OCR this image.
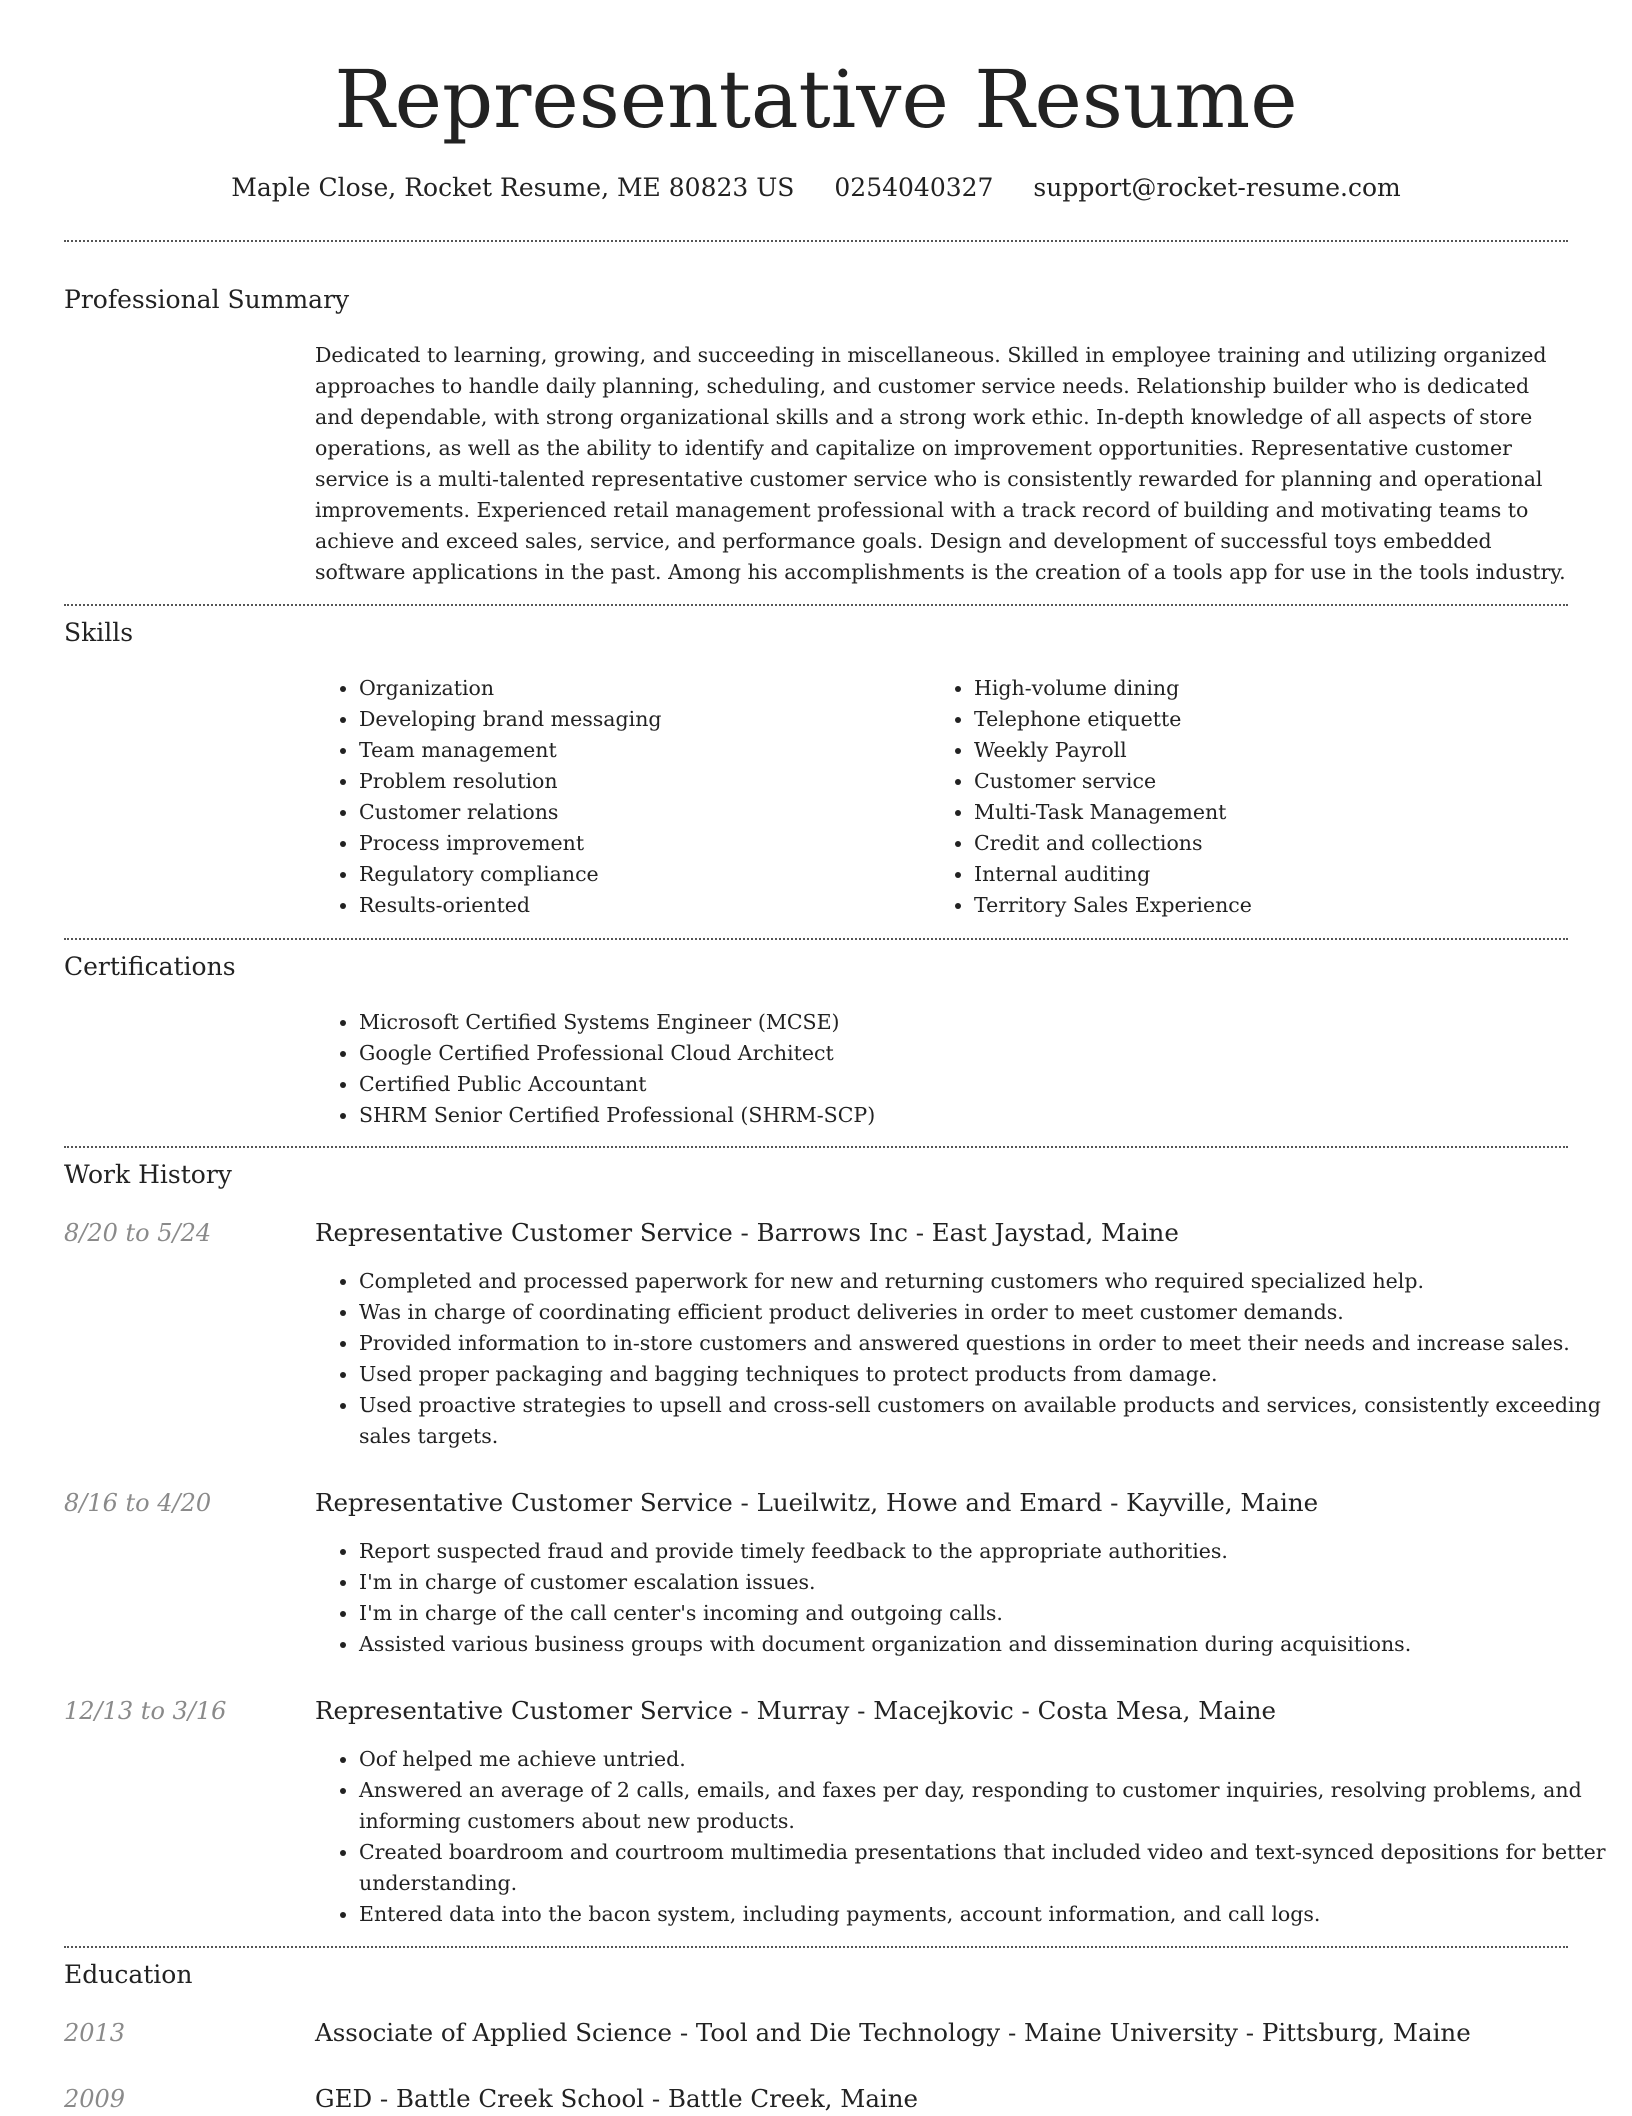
Representative Resume
Maple Close, Rocket Resume, ME 80823 US 0254040327 support@rocket-resume.com
Professional Summary

Dedicated to learning, growing, and succeeding in miscellaneous. Skilled in employee training and utilizing organized approaches to handle daily planning, scheduling, and customer service needs. Relationship builder who is dedicated and dependable, with strong organizational skills and a strong work ethic. In-depth knowledge of all aspects of store operations, as well as the ability to identify and capitalize on improvement opportunities. Representative customer service is a multi-talented representative customer service who is consistently rewarded for planning and operational improvements. Experienced retail management professional with a track record of building and motivating teams to achieve and exceed sales, service, and performance goals. Design and development of successful toys embedded software applications in the past. Among his accomplishments is the creation of a tools app for use in the tools industry.

Skills
• Organization
• Developing brand messaging
• Team management
• Problem resolution
• Customer relations
• Process improvement
• Regulatory compliance
• Results-oriented
• High-volume dining
• Telephone etiquette
• Weekly Payroll
• Customer service
• Multi-Task Management
• Credit and collections
• Internal auditing
• Territory Sales Experience
Certifications
• Microsoft Certified Systems Engineer (MCSE)
• Google Certified Professional Cloud Architect
• Certified Public Accountant
• SHRM Senior Certified Professional (SHRM-SCP)
Work History
8/20 to 5/24	Representative Customer Service - Barrows Inc - East Jaystad, Maine
• Completed and processed paperwork for new and returning customers who required specialized help.
• Was in charge of coordinating efficient product deliveries in order to meet customer demands.
• Provided information to in-store customers and answered questions in order to meet their needs and increase sales.
• Used proper packaging and bagging techniques to protect products from damage.
• Used proactive strategies to upsell and cross-sell customers on available products and services, consistently exceeding sales targets.
8/16 to 4/20	Representative Customer Service - Lueilwitz, Howe and Emard - Kayville, Maine
• Report suspected fraud and provide timely feedback to the appropriate authorities.
• I'm in charge of customer escalation issues.
• I'm in charge of the call center's incoming and outgoing calls.
• Assisted various business groups with document organization and dissemination during acquisitions.
12/13 to 3/16	Representative Customer Service - Murray - Macejkovic - Costa Mesa, Maine
• Oof helped me achieve untried.
• Answered an average of 2 calls, emails, and faxes per day, responding to customer inquiries, resolving problems, and informing customers about new products.
• Created boardroom and courtroom multimedia presentations that included video and text-synced depositions for better understanding.
• Entered data into the bacon system, including payments, account information, and call logs.
Education
2013	Associate of Applied Science - Tool and Die Technology - Maine University - Pittsburg, Maine
2009	GED - Battle Creek School - Battle Creek, Maine
